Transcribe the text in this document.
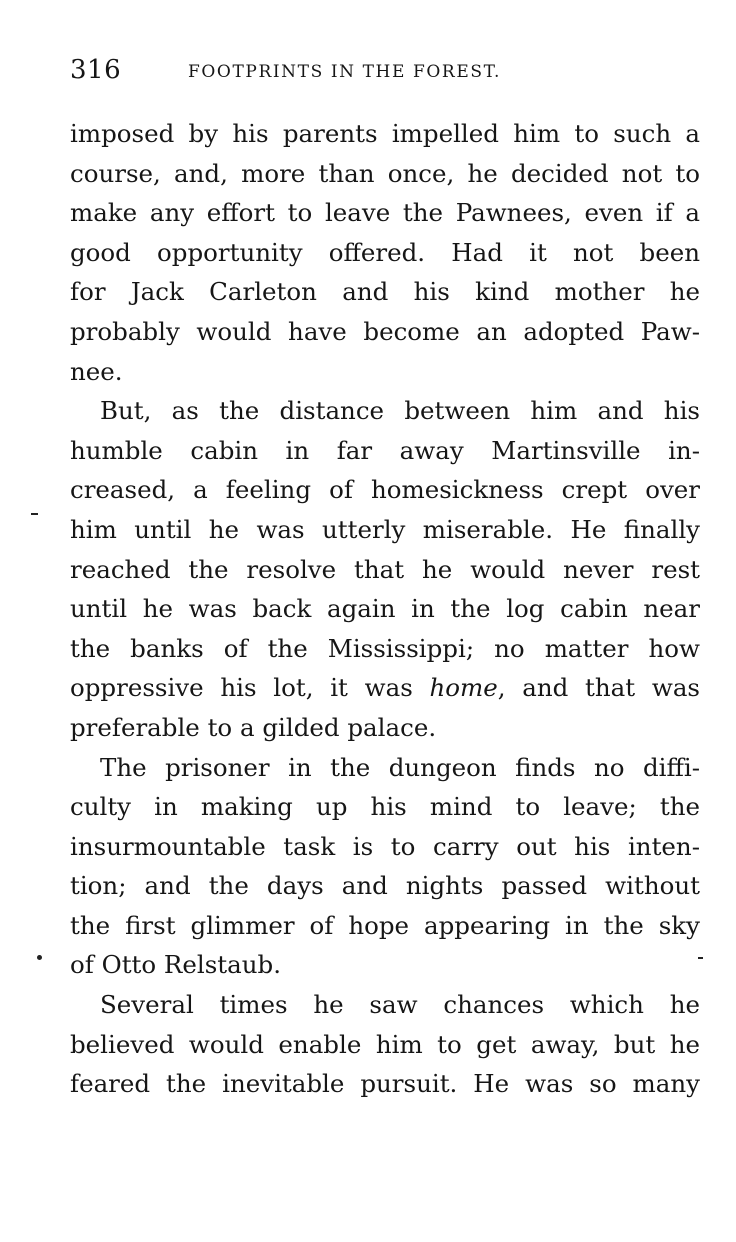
316	FOOTPRINTS IN THE FOREST.
imposed by his parents impelled him to such a
course, and, more than once, he decided not to
make any effort to leave the Pawnees, even if a
good opportunity offered. Had it not been
for Jack Carleton and his kind mother he
probably would have become an adopted Paw-
nee.
But, as the distance between him and his
humble cabin in far away Martinsville in-
creased, a feeling of homesickness crept over
him until he was utterly miserable. He finally
reached the resolve that he would never rest
until he was back again in the log cabin near
the banks of the Mississippi; no matter how
oppressive his lot, it was home, and that was
preferable to a gilded palace.
The prisoner in the dungeon finds no diffi-
culty in making up his mind to leave; the
insurmountable task is to carry out his inten-
tion; and the days and nights passed without
the first glimmer of hope appearing in the sky
of Otto Relstaub.
Several times he saw chances which he
believed would enable him to get away, but he
feared the inevitable pursuit. He was so many
